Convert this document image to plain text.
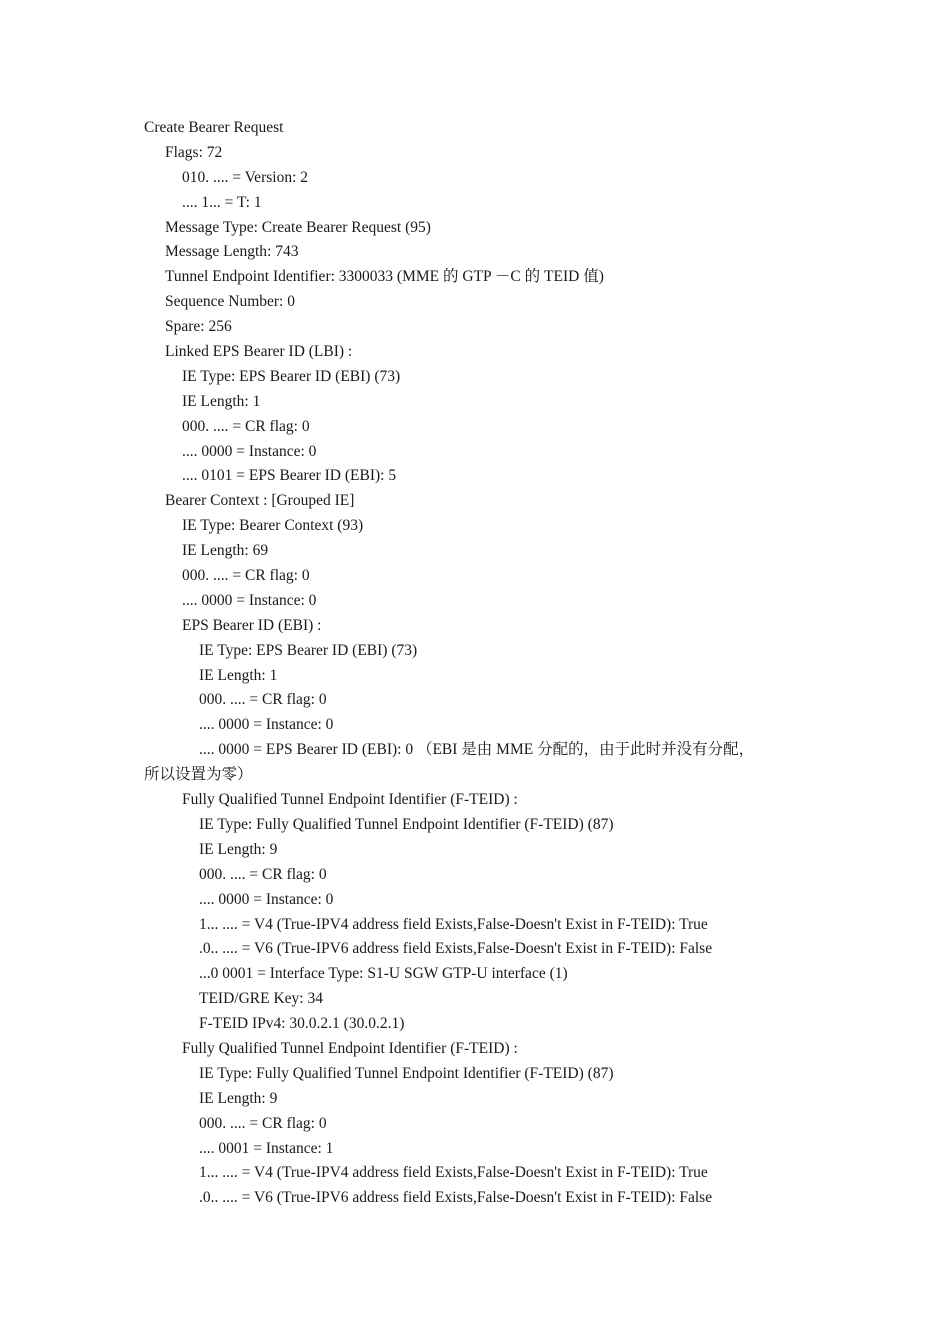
Create Bearer Request
Flags: 72
010. .... = Version: 2
.... 1... = T: 1
Message Type: Create Bearer Request (95)
Message Length: 743
Tunnel Endpoint Identifier: 3300033 (MME 的 GTP －C 的 TEID 值)
Sequence Number: 0
Spare: 256
Linked EPS Bearer ID (LBI) :
IE Type: EPS Bearer ID (EBI) (73)
IE Length: 1
000. .... = CR flag: 0
.... 0000 = Instance: 0
.... 0101 = EPS Bearer ID (EBI): 5
Bearer Context : [Grouped IE]
IE Type: Bearer Context (93)
IE Length: 69
000. .... = CR flag: 0
.... 0000 = Instance: 0
EPS Bearer ID (EBI) :
IE Type: EPS Bearer ID (EBI) (73)
IE Length: 1
000. .... = CR flag: 0
.... 0000 = Instance: 0
.... 0000 = EPS Bearer ID (EBI): 0 （EBI 是由 MME 分配的，由于此时并没有分配，
所以设置为零）
Fully Qualified Tunnel Endpoint Identifier (F-TEID) :
IE Type: Fully Qualified Tunnel Endpoint Identifier (F-TEID) (87)
IE Length: 9
000. .... = CR flag: 0
.... 0000 = Instance: 0
1... .... = V4 (True-IPV4 address field Exists,False-Doesn't Exist in F-TEID): True
.0.. .... = V6 (True-IPV6 address field Exists,False-Doesn't Exist in F-TEID): False
...0 0001 = Interface Type: S1-U SGW GTP-U interface (1)
TEID/GRE Key: 34
F-TEID IPv4: 30.0.2.1 (30.0.2.1)
Fully Qualified Tunnel Endpoint Identifier (F-TEID) :
IE Type: Fully Qualified Tunnel Endpoint Identifier (F-TEID) (87)
IE Length: 9
000. .... = CR flag: 0
.... 0001 = Instance: 1
1... .... = V4 (True-IPV4 address field Exists,False-Doesn't Exist in F-TEID): True
.0.. .... = V6 (True-IPV6 address field Exists,False-Doesn't Exist in F-TEID): False
